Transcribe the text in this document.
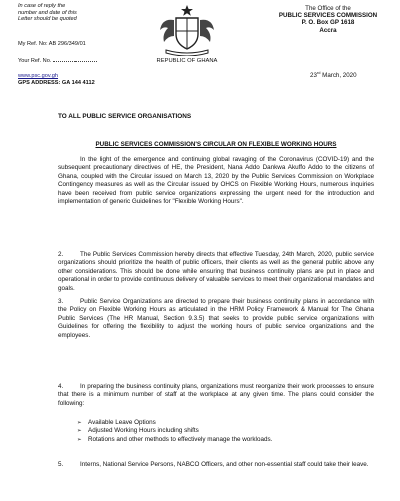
In case of reply the
number and date of this
Letter should be quoted
My Ref. No: AB 296/349/01
Your Ref. No.
www.psc.gov.gh
GPS ADDRESS: GA 144 4112
REPUBLIC OF GHANA
The Office of the
PUBLIC SERVICES COMMISSION
P. O. Box GP 1618
Accra
23rd March, 2020
TO ALL PUBLIC SERVICE ORGANISATIONS
PUBLIC SERVICES COMMISSION'S CIRCULAR ON FLEXIBLE WORKING HOURS
In the light of the emergence and continuing global ravaging of the Coronavirus (COVID-19) and the subsequent precautionary directives of HE, the President, Nana Addo Dankwa Akuffo Addo to the citizens of Ghana, coupled with the Circular issued on March 13, 2020 by the Public Services Commission on Workplace Contingency measures as well as the Circular issued by OHCS on Flexible Working Hours, numerous inquiries have been received from public service organizations expressing the urgent need for the introduction and implementation of generic Guidelines for "Flexible Working Hours".
2.	The Public Services Commission hereby directs that effective Tuesday, 24th March, 2020, public service organizations should prioritize the health of public officers, their clients as well as the general public above any other considerations. This should be done while ensuring that business continuity plans are put in place and operational in order to provide continuous delivery of valuable services to meet their organizational mandates and goals.
3.	Public Service Organizations are directed to prepare their business continuity plans in accordance with the Policy on Flexible Working Hours as articulated in the HRM Policy Framework & Manual for The Ghana Public Services (The HR Manual, Section 9.3.5) that seeks to provide public service organizations with Guidelines for offering the flexibility to adjust the working hours of public service organizations and the employees.
4.	In preparing the business continuity plans, organizations must reorganize their work processes to ensure that there is a minimum number of staff at the workplace at any given time. The plans could consider the following:
➢ Available Leave Options
➢ Adjusted Working Hours including shifts
➢ Rotations and other methods to effectively manage the workloads.
5.	Interns, National Service Persons, NABCO Officers, and other non-essential staff could take their leave.
